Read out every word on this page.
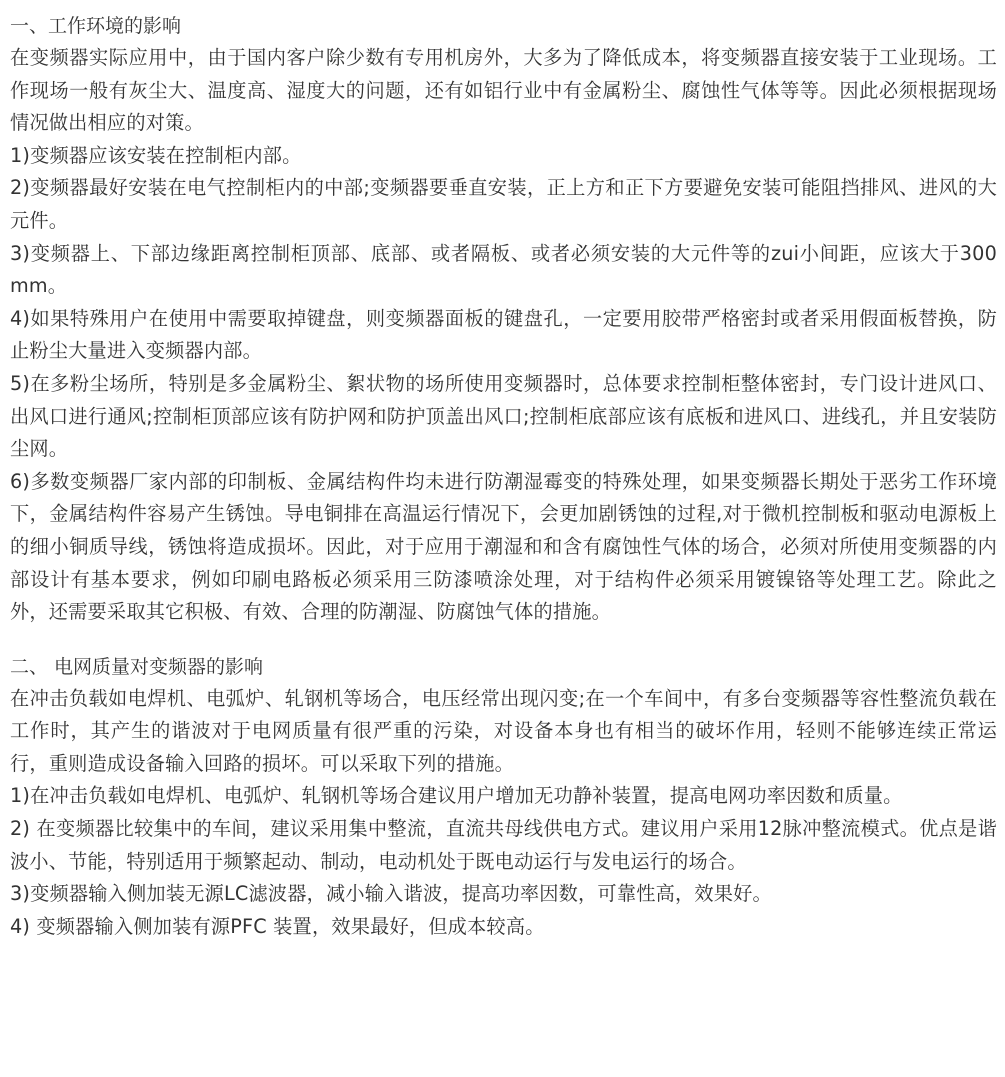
一、工作环境的影响

在变频器实际应用中，由于国内客户除少数有专用机房外，大多为了降低成本，将变频器直接安装于工业现场。工作现场一般有灰尘大、温度高、湿度大的问题，还有如铝行业中有金属粉尘、腐蚀性气体等等。因此必须根据现场情况做出相应的对策。

1)变频器应该安装在控制柜内部。

2)变频器最好安装在电气控制柜内的中部;变频器要垂直安装，正上方和正下方要避免安装可能阻挡排风、进风的大元件。

3)变频器上、下部边缘距离控制柜顶部、底部、或者隔板、或者必须安装的大元件等的zui小间距，应该大于300 mm。

4)如果特殊用户在使用中需要取掉键盘，则变频器面板的键盘孔，一定要用胶带严格密封或者采用假面板替换，防止粉尘大量进入变频器内部。

5)在多粉尘场所，特别是多金属粉尘、絮状物的场所使用变频器时，总体要求控制柜整体密封，专门设计进风口、出风口进行通风;控制柜顶部应该有防护网和防护顶盖出风口;控制柜底部应该有底板和进风口、进线孔，并且安装防尘网。

6)多数变频器厂家内部的印制板、金属结构件均未进行防潮湿霉变的特殊处理，如果变频器长期处于恶劣工作环境下，金属结构件容易产生锈蚀。导电铜排在高温运行情况下，会更加剧锈蚀的过程,对于微机控制板和驱动电源板上的细小铜质导线，锈蚀将造成损坏。因此，对于应用于潮湿和和含有腐蚀性气体的场合，必须对所使用变频器的内部设计有基本要求，例如印刷电路板必须采用三防漆喷涂处理，对于结构件必须采用镀镍铬等处理工艺。除此之外，还需要采取其它积极、有效、合理的防潮湿、防腐蚀气体的措施。

二、 电网质量对变频器的影响

在冲击负载如电焊机、电弧炉、轧钢机等场合，电压经常出现闪变;在一个车间中，有多台变频器等容性整流负载在工作时，其产生的谐波对于电网质量有很严重的污染，对设备本身也有相当的破坏作用，轻则不能够连续正常运行，重则造成设备输入回路的损坏。可以采取下列的措施。

1)在冲击负载如电焊机、电弧炉、轧钢机等场合建议用户增加无功静补装置，提高电网功率因数和质量。

2) 在变频器比较集中的车间，建议采用集中整流，直流共母线供电方式。建议用户采用12脉冲整流模式。优点是谐波小、节能，特别适用于频繁起动、制动，电动机处于既电动运行与发电运行的场合。

3)变频器输入侧加装无源LC滤波器，减小输入谐波，提高功率因数，可靠性高，效果好。

4) 变频器输入侧加装有源PFC 装置，效果最好，但成本较高。
